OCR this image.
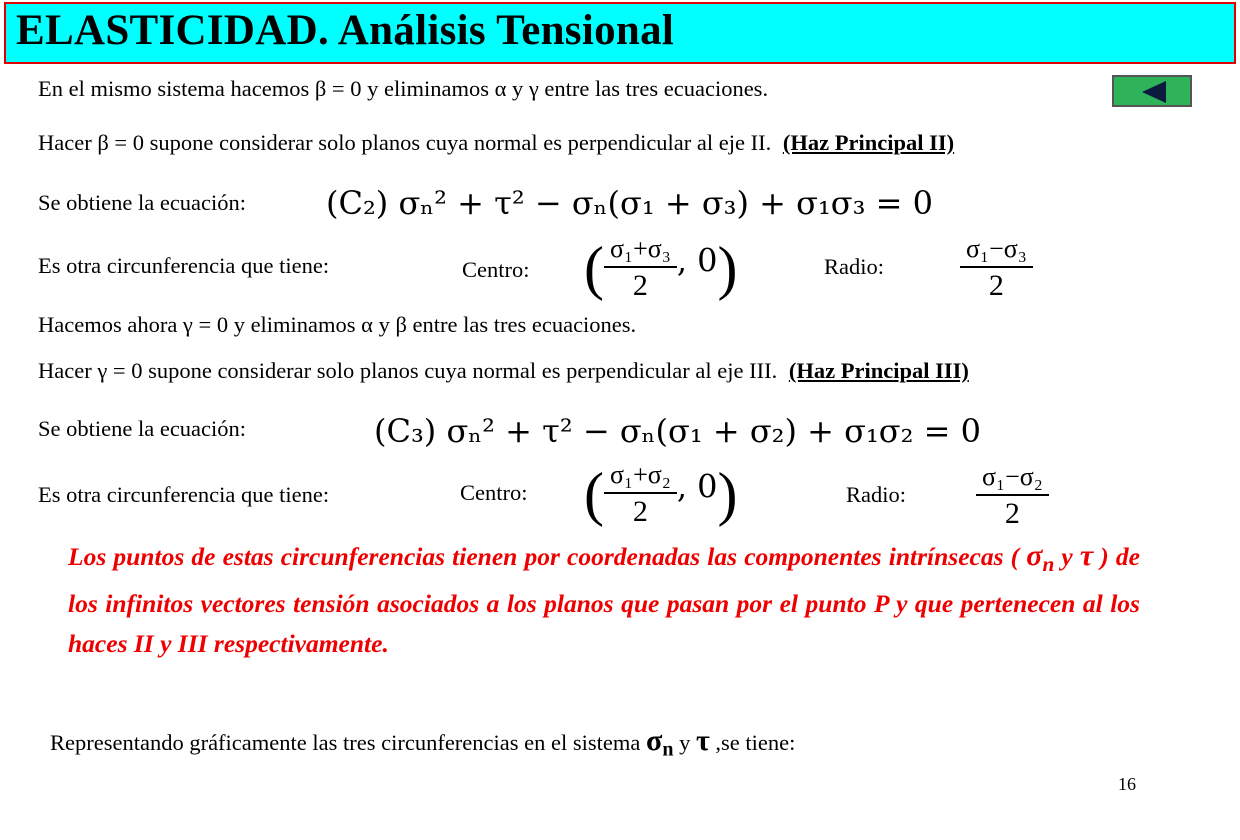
ELASTICIDAD. Análisis Tensional
En el mismo sistema hacemos β = 0 y eliminamos α y γ entre las tres ecuaciones.
Hacer β = 0 supone considerar solo planos cuya normal es perpendicular al eje II. (Haz Principal II)
Se obtiene la ecuación: (C₂) σₙ² + τ² − σₙ(σ₁ + σ₃) + σ₁σ₃ = 0
Es otra circunferencia que tiene:	Centro: ( $\frac{\text{σ₁+σ₃}}{2}$ , 0)	Radio:	$\frac{\text{σ₁−σ₃}}{2}$
Hacemos ahora γ = 0 y eliminamos α y β entre las tres ecuaciones.
Hacer γ = 0 supone considerar solo planos cuya normal es perpendicular al eje III. (Haz Principal III)
Se obtiene la ecuación:	(C₃) σₙ² + τ² − σₙ(σ₁ + σ₂) + σ₁σ₂ = 0
Es otra circunferencia que tiene:	Centro: ( $\frac{\text{σ₁+σ₂}}{2}$ , 0)	Radio:	$\frac{\text{σ₁−σ₂}}{2}$
Los puntos de estas circunferencias tienen por coordenadas las componentes intrínsecas ( $\sigma_n$ y τ ) de los infinitos vectores tensión asociados a los planos que pasan por el punto P y que pertenecen al los haces II y III respectivamente.
Representando gráficamente las tres circunferencias en el sistema $\sigma_n$ y τ ,se tiene:
16
